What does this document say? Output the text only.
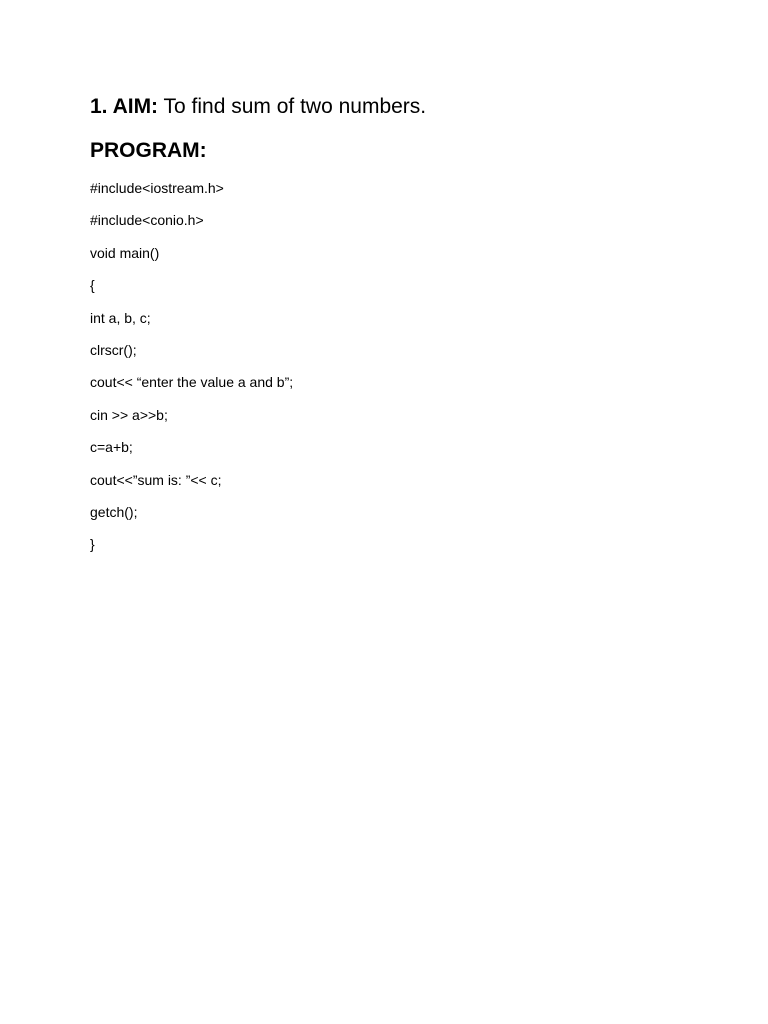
1. AIM: To find sum of two numbers.
PROGRAM:
#include<iostream.h>
#include<conio.h>
void main()
{
int a, b, c;
clrscr();
cout<< “enter the value a and b”;
cin >> a>>b;
c=a+b;
cout<<”sum is: ”<< c;
getch();
}
